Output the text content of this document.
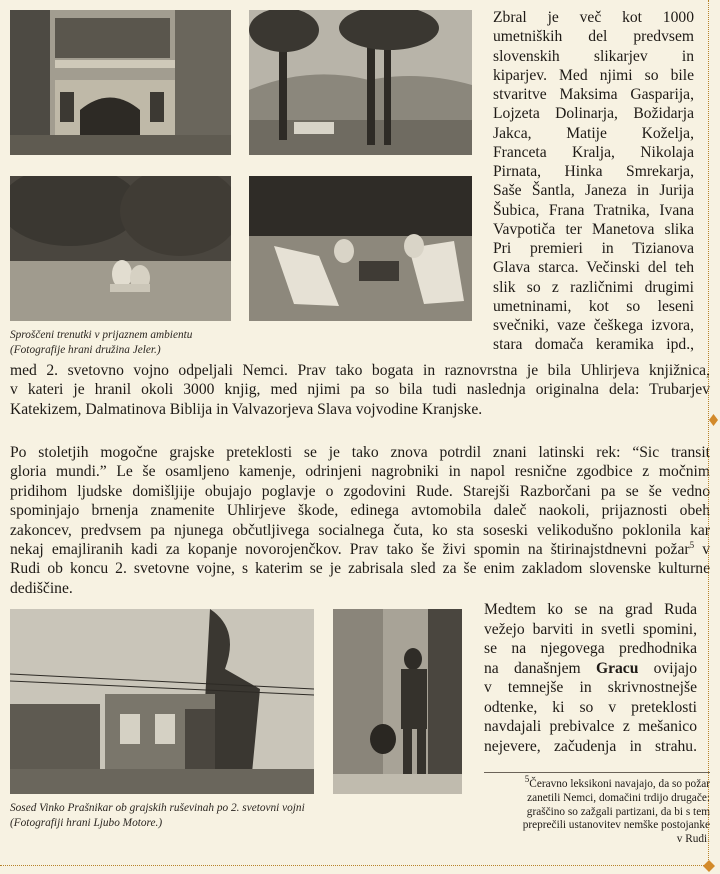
Sproščeni trenutki v prijaznem ambientu
(Fotografije hrani družina Jeler.)
Sosed Vinko Prašnikar ob grajskih ruševinah po 2. svetovni vojni
(Fotografiji hrani Ljubo Motore.)
Zbral je več kot 1000
umetniških del predvsem
slovenskih slikarjev in
kiparjev. Med njimi so bile
stvaritve Maksima Gasparija,
Lojzeta Dolinarja, Božidarja
Jakca, Matije Koželja,
Franceta Kralja, Nikolaja
Pirnata, Hinka Smrekarja,
Saše Šantla, Janeza in Jurija
Šubica, Frana Tratnika, Ivana
Vavpotiča ter Manetova slika
Pri premieri in Tizianova
Glava starca. Večinski del teh
slik so z različnimi drugimi
umetninami, kot so leseni
svečniki, vaze češkega izvora,
stara domača keramika ipd.,
med 2. svetovno vojno odpeljali Nemci. Prav tako bogata in raznovrstna je bila Uhlirjeva knjižnica,
v kateri je hranil okoli 3000 knjig, med njimi pa so bila tudi naslednja originalna dela: Trubarjev
Katekizem, Dalmatinova Biblija in Valvazorjeva Slava vojvodine Kranjske.
Po stoletjih mogočne grajske preteklosti se je tako znova potrdil znani latinski rek: “Sic transit
gloria mundi.” Le še osamljeno kamenje, odrinjeni nagrobniki in napol resnične zgodbice z močnim
pridihom ljudske domišljije obujajo poglavje o zgodovini Rude. Starejši Razborčani pa se še vedno
spominjajo brnenja znamenite Uhlirjeve škode, edinega avtomobila daleč naokoli, prijaznosti obeh
zakoncev, predvsem pa njunega občutljivega socialnega čuta, ko sta soseski velikodušno poklonila kar
nekaj emajliranih kadi za kopanje novorojenčkov. Prav tako še živi spomin na štirinajstdnevni požar$^5$ v
Rudi ob koncu 2. svetovne vojne, s katerim se je zabrisala sled za še enim zakladom slovenske kulturne
dediščine.
Medtem ko se na grad Ruda
vežejo barviti in svetli spomini,
se na njegovega predhodnika
na današnjem Gracu ovijajo
v temnejše in skrivnostnejše
odtenke, ki so v preteklosti
navdajali prebivalce z mešanico
nejevere, začudenja in strahu.
$^5$Čeravno leksikoni navajajo, da so požar
zanetili Nemci, domačini trdijo drugače:
graščino so zažgali partizani, da bi s tem
preprečili ustanovitev nemške postojanke
v Rudi.
